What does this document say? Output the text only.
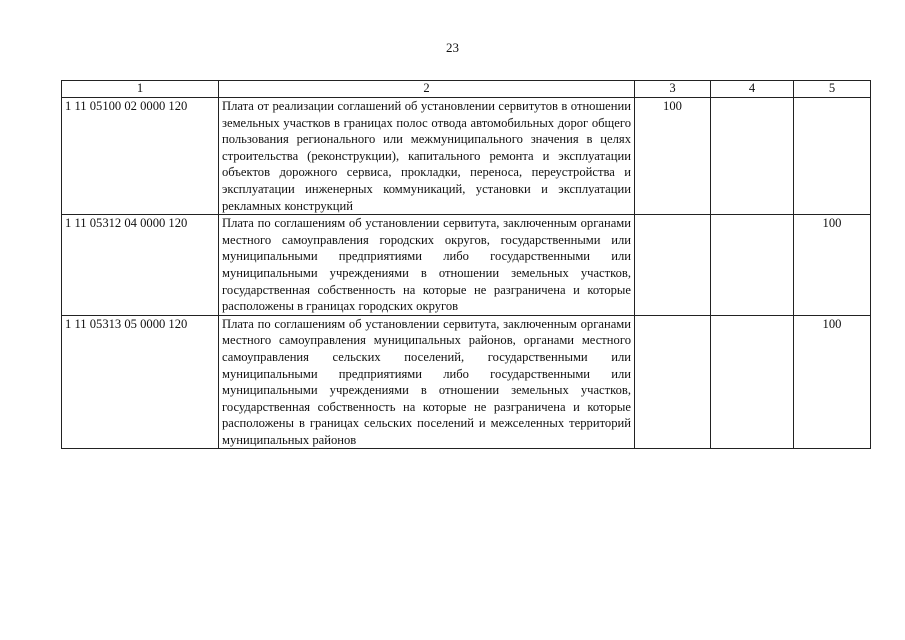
23
1	2	3	4	5
1 11 05100 02 0000 120	Плата от реализации соглашений об установлении сервитутов в отношении земельных участков в границах полос отвода автомобильных дорог общего пользования регионального или межмуниципального значения в целях строительства (реконструкции), капитального ремонта и эксплуатации объектов дорожного сервиса, прокладки, переноса, переустройства и эксплуатации инженерных коммуникаций, установки и эксплуатации рекламных конструкций	100		
1 11 05312 04 0000 120	Плата по соглашениям об установлении сервитута, заключенным органами местного самоуправления городских округов, государственными или муниципальными предприятиями либо государственными или муниципальными учреждениями в отношении земельных участков, государственная собственность на которые не разграничена и которые расположены в границах городских округов			100
1 11 05313 05 0000 120	Плата по соглашениям об установлении сервитута, заключенным органами местного самоуправления муниципальных районов, органами местного самоуправления сельских поселений, государственными или муниципальными предприятиями либо государственными или муниципальными учреждениями в отношении земельных участков, государственная собственность на которые не разграничена и которые расположены в границах сельских поселений и межселенных территорий муниципальных районов			100
